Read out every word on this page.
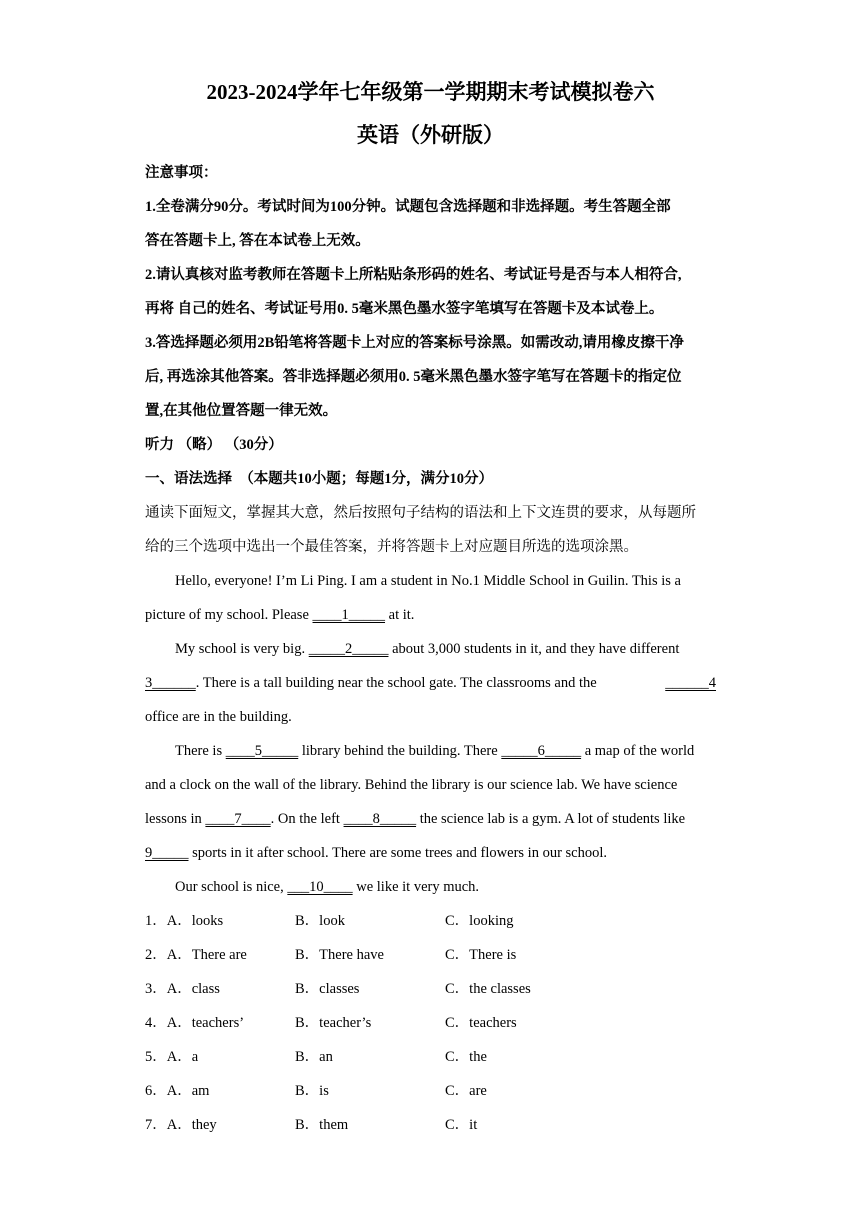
2023-2024学年七年级第一学期期末考试模拟卷六
英语（外研版）
注意事项：
1.全卷满分90分。考试时间为100分钟。试题包含选择题和非选择题。考生答题全部
答在答题卡上, 答在本试卷上无效。
2.请认真核对监考教师在答题卡上所粘贴条形码的姓名、考试证号是否与本人相符合,
再将 自己的姓名、考试证号用0. 5毫米黑色墨水签字笔填写在答题卡及本试卷上。
3.答选择题必须用2B铅笔将答题卡上对应的答案标号涂黑。如需改动,请用橡皮擦干净
后, 再选涂其他答案。答非选择题必须用0. 5毫米黑色墨水签字笔写在答题卡的指定位
置,在其他位置答题一律无效。
听力 （略） （30分）
一、语法选择　（本题共10小题；每题1分，满分10分）
通读下面短文，掌握其大意，然后按照句子结构的语法和上下文连贯的要求，从每题所
给的三个选项中选出一个最佳答案，并将答题卡上对应题目所选的选项涂黑。
Hello, everyone! I’m Li Ping. I am a student in No.1 Middle School in Guilin. This is a
picture of my school. Please ____1_____ at it.
My school is very big. _____2_____ about 3,000 students in it, and they have different
3______. There is a tall building near the school gate. The classrooms and the	______4
office are in the building.
There is ____5_____ library behind the building. There _____6_____ a map of the world
and a clock on the wall of the library. Behind the library is our science lab. We have science
lessons in ____7____. On the left ____8_____ the science lab is a gym. A lot of students like
9_____ sports in it after school. There are some trees and flowers in our school.
Our school is nice, ___10____ we like it very much.
1．A．looks	B．look	C．looking
2．A．There are	B．There have	C．There is
3．A．class	B．classes	C．the classes
4．A．teachers’	B．teacher’s	C．teachers
5．A．a	B．an	C．the
6．A．am	B．is	C．are
7．A．they	B．them	C．it
